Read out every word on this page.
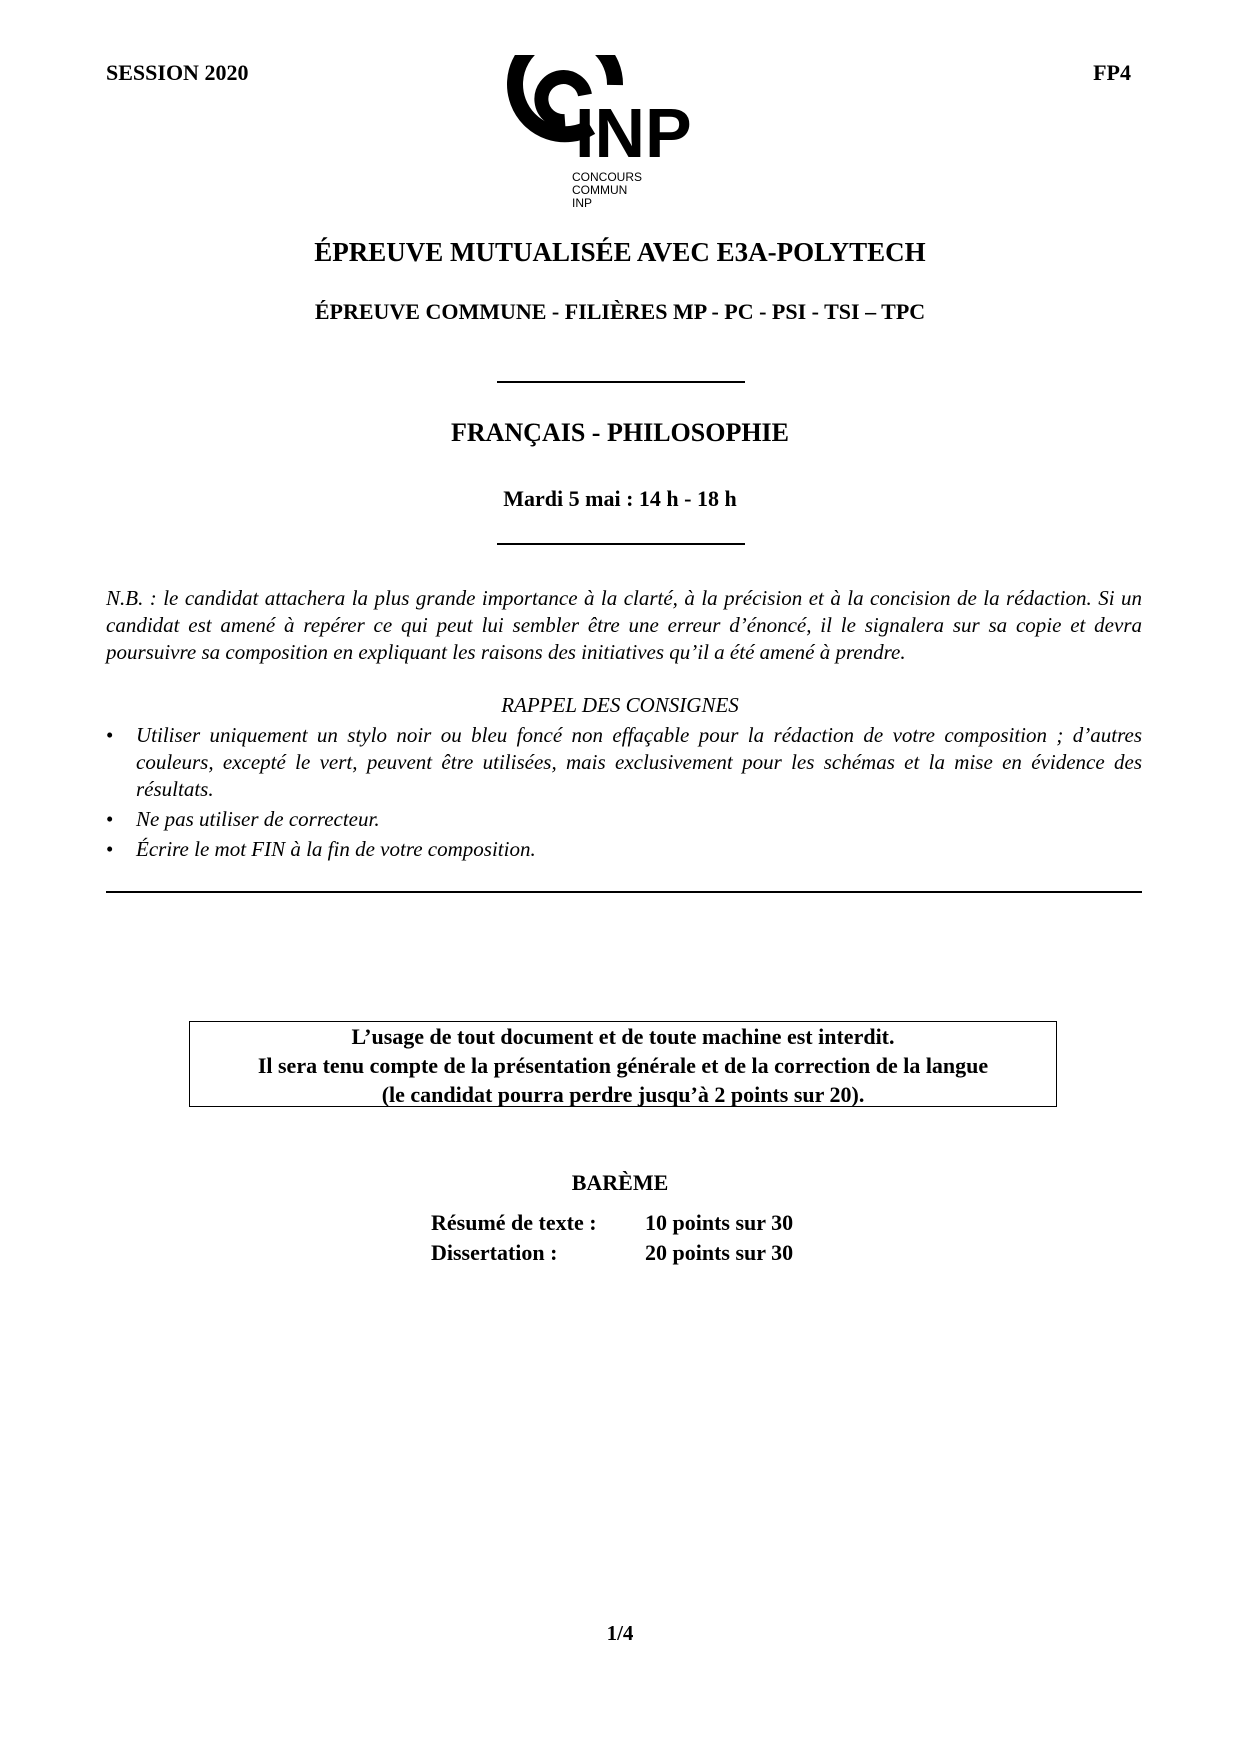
SESSION 2020	FP4
INP
CONCOURS
COMMUN
INP
ÉPREUVE MUTUALISÉE AVEC E3A-POLYTECH
ÉPREUVE COMMUNE - FILIÈRES MP - PC - PSI - TSI – TPC
FRANÇAIS - PHILOSOPHIE
Mardi 5 mai : 14 h - 18 h
N.B. : le candidat attachera la plus grande importance à la clarté, à la précision et à la concision de la rédaction. Si un candidat est amené à repérer ce qui peut lui sembler être une erreur d’énoncé, il le signalera sur sa copie et devra poursuivre sa composition en expliquant les raisons des initiatives qu’il a été amené à prendre.
RAPPEL DES CONSIGNES
• Utiliser uniquement un stylo noir ou bleu foncé non effaçable pour la rédaction de votre composition ; d’autres couleurs, excepté le vert, peuvent être utilisées, mais exclusivement pour les schémas et la mise en évidence des résultats.
• Ne pas utiliser de correcteur.
• Écrire le mot FIN à la fin de votre composition.
L’usage de tout document et de toute machine est interdit.
Il sera tenu compte de la présentation générale et de la correction de la langue
(le candidat pourra perdre jusqu’à 2 points sur 20).
BARÈME
Résumé de texte : 10 points sur 30
Dissertation :	20 points sur 30
1/4
